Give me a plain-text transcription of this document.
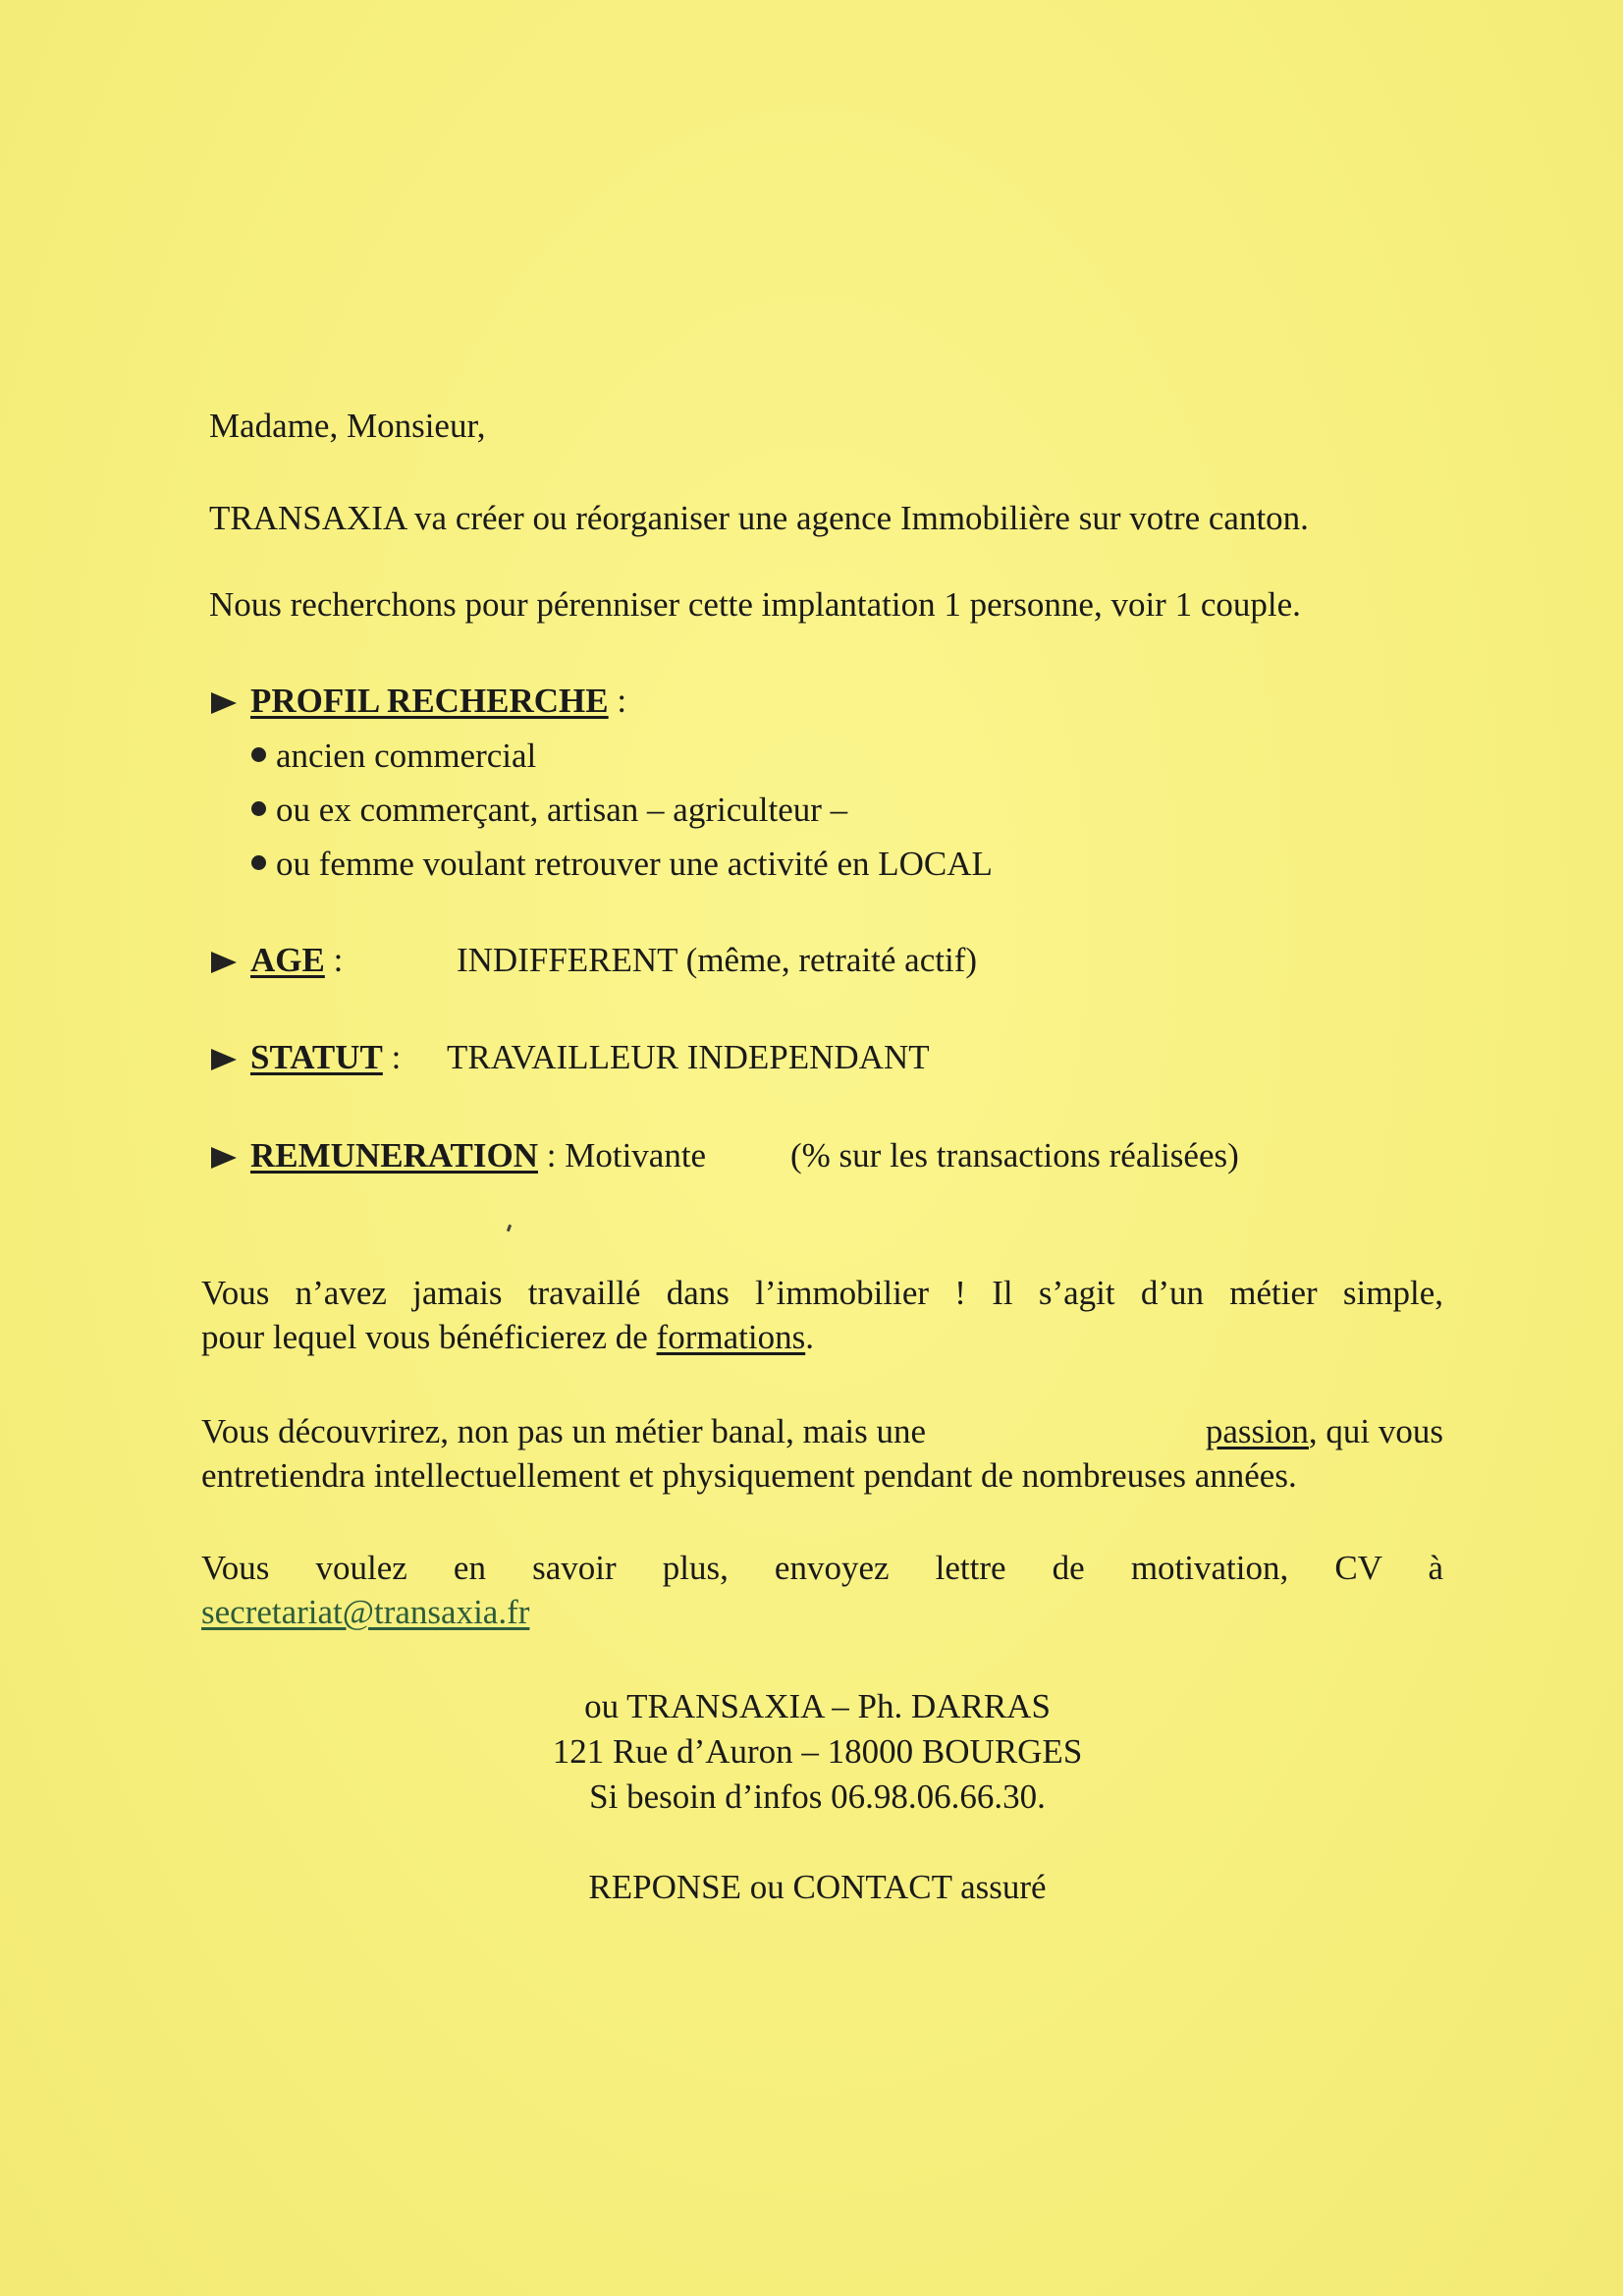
Madame, Monsieur,
TRANSAXIA va créer ou réorganiser une agence Immobilière sur votre canton.
Nous recherchons pour pérenniser cette implantation 1 personne, voir 1 couple.
PROFIL RECHERCHE :
ancien commercial
ou ex commerçant, artisan – agriculteur –
ou femme voulant retrouver une activité en LOCAL
AGE :	INDIFFERENT (même, retraité actif)
STATUT : TRAVAILLEUR INDEPENDANT
REMUNERATION : Motivante (% sur les transactions réalisées)
Vous n’avez jamais travaillé dans l’immobilier ! Il s’agit d’un métier simple,
pour lequel vous bénéficierez de formations.
Vous découvrirez, non pas un métier banal, mais une	passion, qui vous
entretiendra intellectuellement et physiquement pendant de nombreuses années.
Vous voulez en savoir plus, envoyez lettre de motivation, CV à
secretariat@transaxia.fr
ou TRANSAXIA – Ph. DARRAS
121 Rue d’Auron – 18000 BOURGES
Si besoin d’infos 06.98.06.66.30.
REPONSE ou CONTACT assuré
